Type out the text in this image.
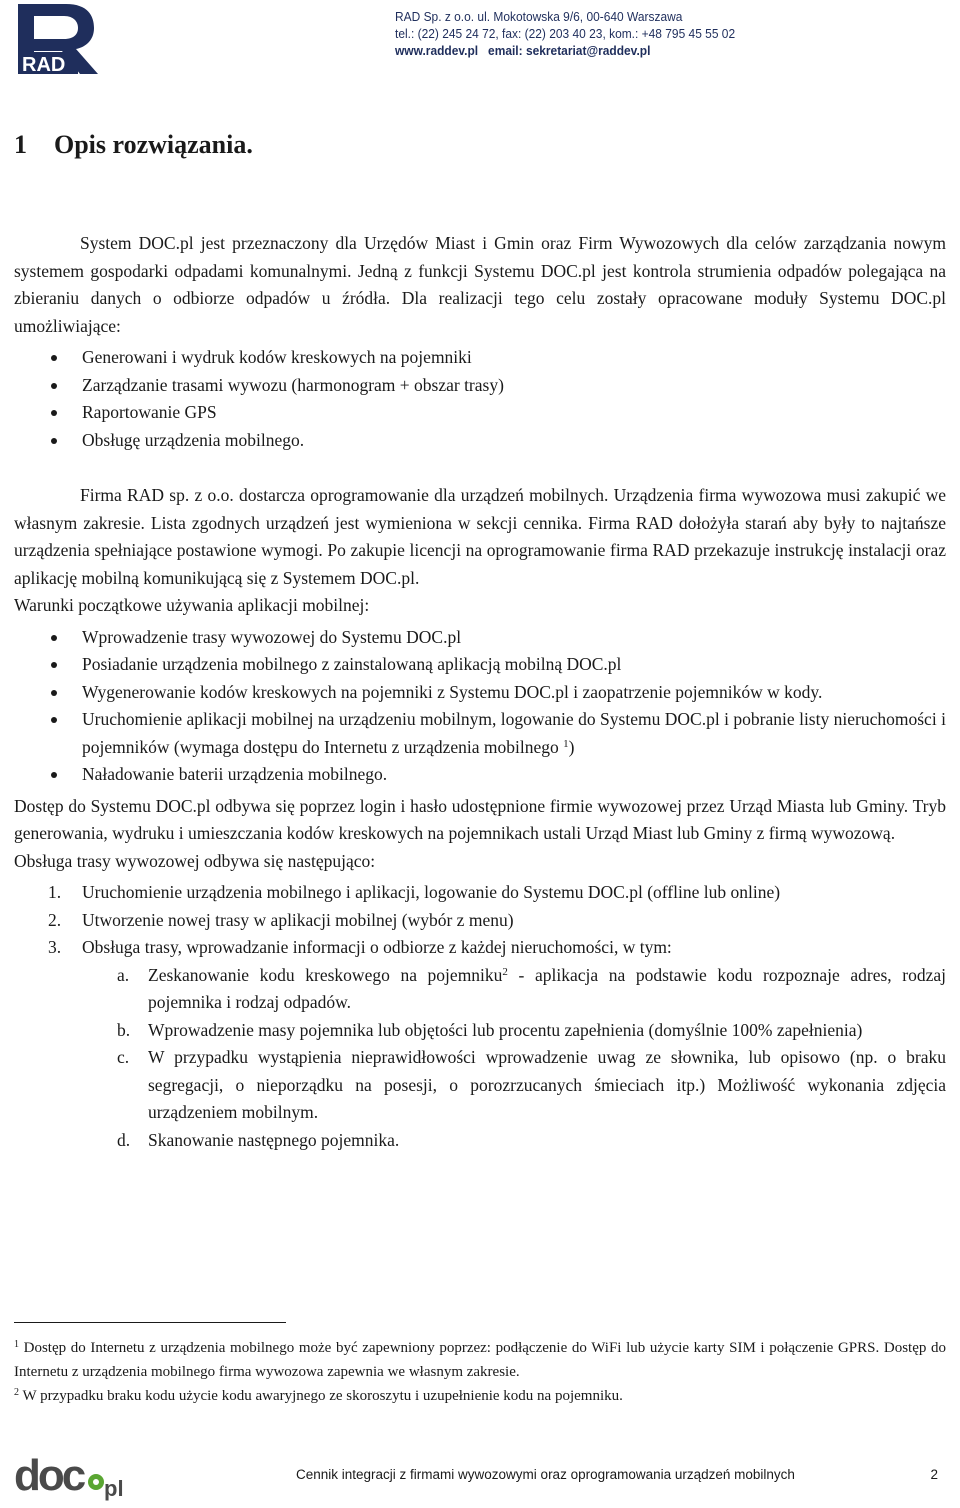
RAD
RAD Sp. z o.o. ul. Mokotowska 9/6, 00-640 Warszawa
tel.: (22) 245 24 72, fax: (22) 203 40 23, kom.: +48 795 45 55 02
www.raddev.pl email: sekretariat@raddev.pl
1 Opis rozwiązania.

System DOC.pl jest przeznaczony dla Urzędów Miast i Gmin oraz Firm Wywozowych dla celów zarządzania nowym systemem gospodarki odpadami komunalnymi. Jedną z funkcji Systemu DOC.pl jest kontrola strumienia odpadów polegająca na zbieraniu danych o odbiorze odpadów u źródła. Dla realizacji tego celu zostały opracowane moduły Systemu DOC.pl umożliwiające:

Generowani i wydruk kodów kreskowych na pojemniki
Zarządzanie trasami wywozu (harmonogram + obszar trasy)
Raportowanie GPS
Obsługę urządzenia mobilnego.

Firma RAD sp. z o.o. dostarcza oprogramowanie dla urządzeń mobilnych. Urządzenia firma wywozowa musi zakupić we własnym zakresie. Lista zgodnych urządzeń jest wymieniona w sekcji cennika. Firma RAD dołożyła starań aby były to najtańsze urządzenia spełniające postawione wymogi. Po zakupie licencji na oprogramowanie firma RAD przekazuje instrukcję instalacji oraz aplikację mobilną komunikującą się z Systemem DOC.pl.

Warunki początkowe używania aplikacji mobilnej:

Wprowadzenie trasy wywozowej do Systemu DOC.pl
Posiadanie urządzenia mobilnego z zainstalowaną aplikacją mobilną DOC.pl
Wygenerowanie kodów kreskowych na pojemniki z Systemu DOC.pl i zaopatrzenie pojemników w kody.
Uruchomienie aplikacji mobilnej na urządzeniu mobilnym, logowanie do Systemu DOC.pl i pobranie listy nieruchomości i pojemników (wymaga dostępu do Internetu z urządzenia mobilnego $^1$)
Naładowanie baterii urządzenia mobilnego.

Dostęp do Systemu DOC.pl odbywa się poprzez login i hasło udostępnione firmie wywozowej przez Urząd Miasta lub Gminy. Tryb generowania, wydruku i umieszczania kodów kreskowych na pojemnikach ustali Urząd Miast lub Gminy z firmą wywozową.

Obsługa trasy wywozowej odbywa się następująco:

1. Uruchomienie urządzenia mobilnego i aplikacji, logowanie do Systemu DOC.pl (offline lub online)
2. Utworzenie nowej trasy w aplikacji mobilnej (wybór z menu)
3. Obsługa trasy, wprowadzanie informacji o odbiorze z każdej nieruchomości, w tym:
a. Zeskanowanie kodu kreskowego na pojemniku$^2$ - aplikacja na podstawie kodu rozpoznaje adres, rodzaj pojemnika i rodzaj odpadów.
b. Wprowadzenie masy pojemnika lub objętości lub procentu zapełnienia (domyślnie 100% zapełnienia)
c. W przypadku wystąpienia nieprawidłowości wprowadzenie uwag ze słownika, lub opisowo (np. o braku segregacji, o nieporządku na posesji, o porozrzucanych śmieciach itp.) Możliwość wykonania zdjęcia urządzeniem mobilnym.
d. Skanowanie następnego pojemnika.

$^1$ Dostęp do Internetu z urządzenia mobilnego może być zapewniony poprzez: podłączenie do WiFi lub użycie karty SIM i połączenie GPRS. Dostęp do Internetu z urządzenia mobilnego firma wywozowa zapewnia we własnym zakresie.

$^2$ W przypadku braku kodu użycie kodu awaryjnego ze skoroszytu i uzupełnienie kodu na pojemniku.

doc pl
Cennik integracji z firmami wywozowymi oraz oprogramowania urządzeń mobilnych	2
